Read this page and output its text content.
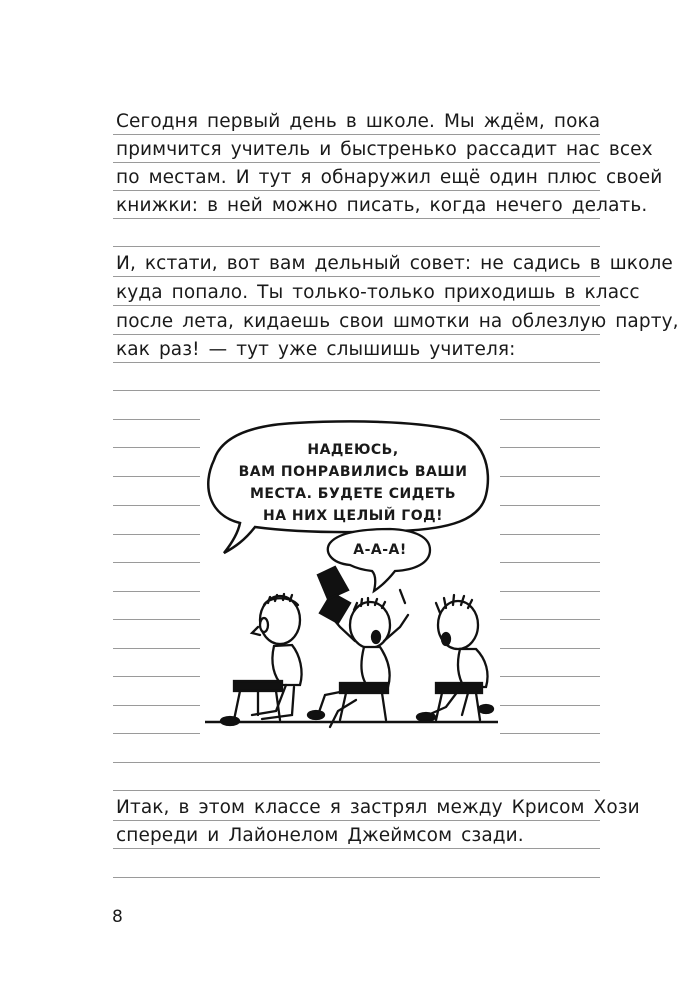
Сегодня первый день в школе. Мы ждём, пока
примчится учитель и быстренько рассадит нас всех
по местам. И тут я обнаружил ещё один плюс своей
книжки: в ней можно писать, когда нечего делать.
И, кстати, вот вам дельный совет: не садись в школе
куда попало. Ты только-только приходишь в класс
после лета, кидаешь свои шмотки на облезлую парту,
как раз! — тут уже слышишь учителя:
НАДЕЮСЬ,
ВАМ ПОНРАВИЛИСЬ ВАШИ
МЕСТА. БУДЕТЕ СИДЕТЬ
НА НИХ ЦЕЛЫЙ ГОД!
А-А-А!
Итак, в этом классе я застрял между Крисом Хози
спереди и Лайонелом Джеймсом сзади.
8
